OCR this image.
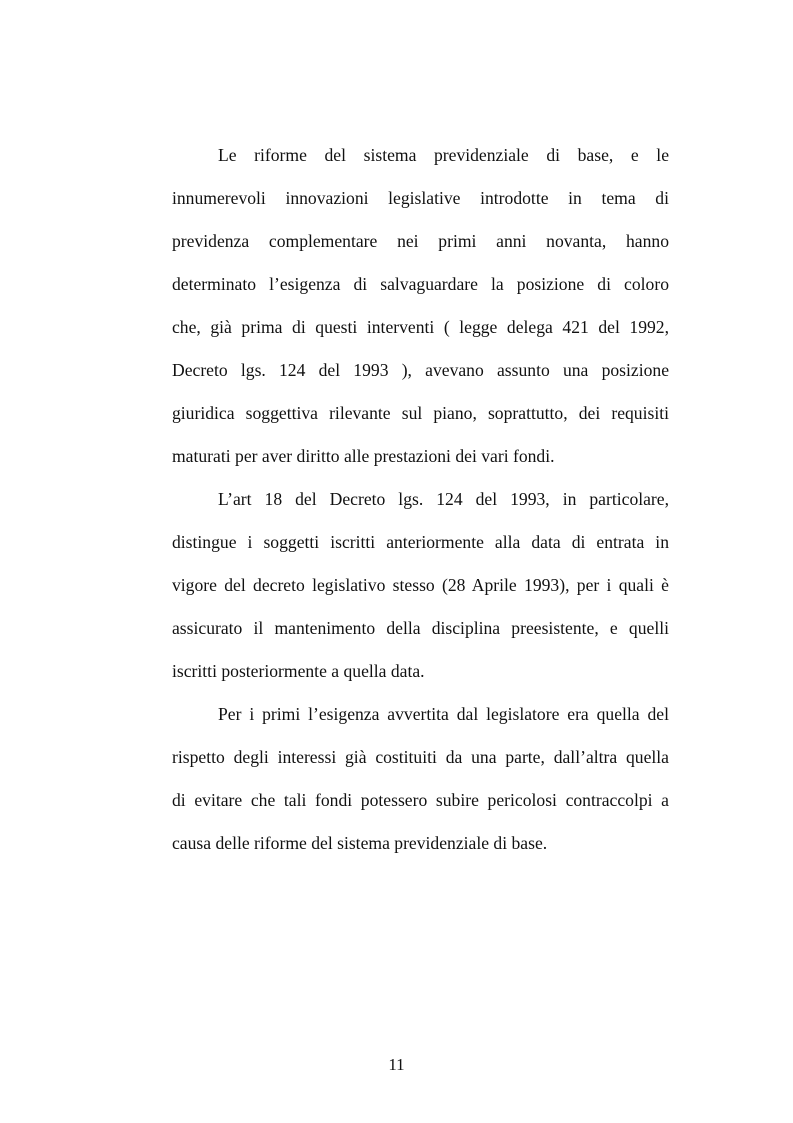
Le riforme del sistema previdenziale di base, e le
innumerevoli innovazioni legislative introdotte in tema di
previdenza complementare nei primi anni novanta, hanno
determinato l’esigenza di salvaguardare la posizione di coloro
che, già prima di questi interventi ( legge delega 421 del 1992,
Decreto lgs. 124 del 1993 ), avevano assunto una posizione
giuridica soggettiva rilevante sul piano, soprattutto, dei requisiti
maturati per aver diritto alle prestazioni dei vari fondi.
L’art 18 del Decreto lgs. 124 del 1993, in particolare,
distingue i soggetti iscritti anteriormente alla data di entrata in
vigore del decreto legislativo stesso (28 Aprile 1993), per i quali è
assicurato il mantenimento della disciplina preesistente, e quelli
iscritti posteriormente a quella data.
Per i primi l’esigenza avvertita dal legislatore era quella del
rispetto degli interessi già costituiti da una parte, dall’altra quella
di evitare che tali fondi potessero subire pericolosi contraccolpi a
causa delle riforme del sistema previdenziale di base.
11
